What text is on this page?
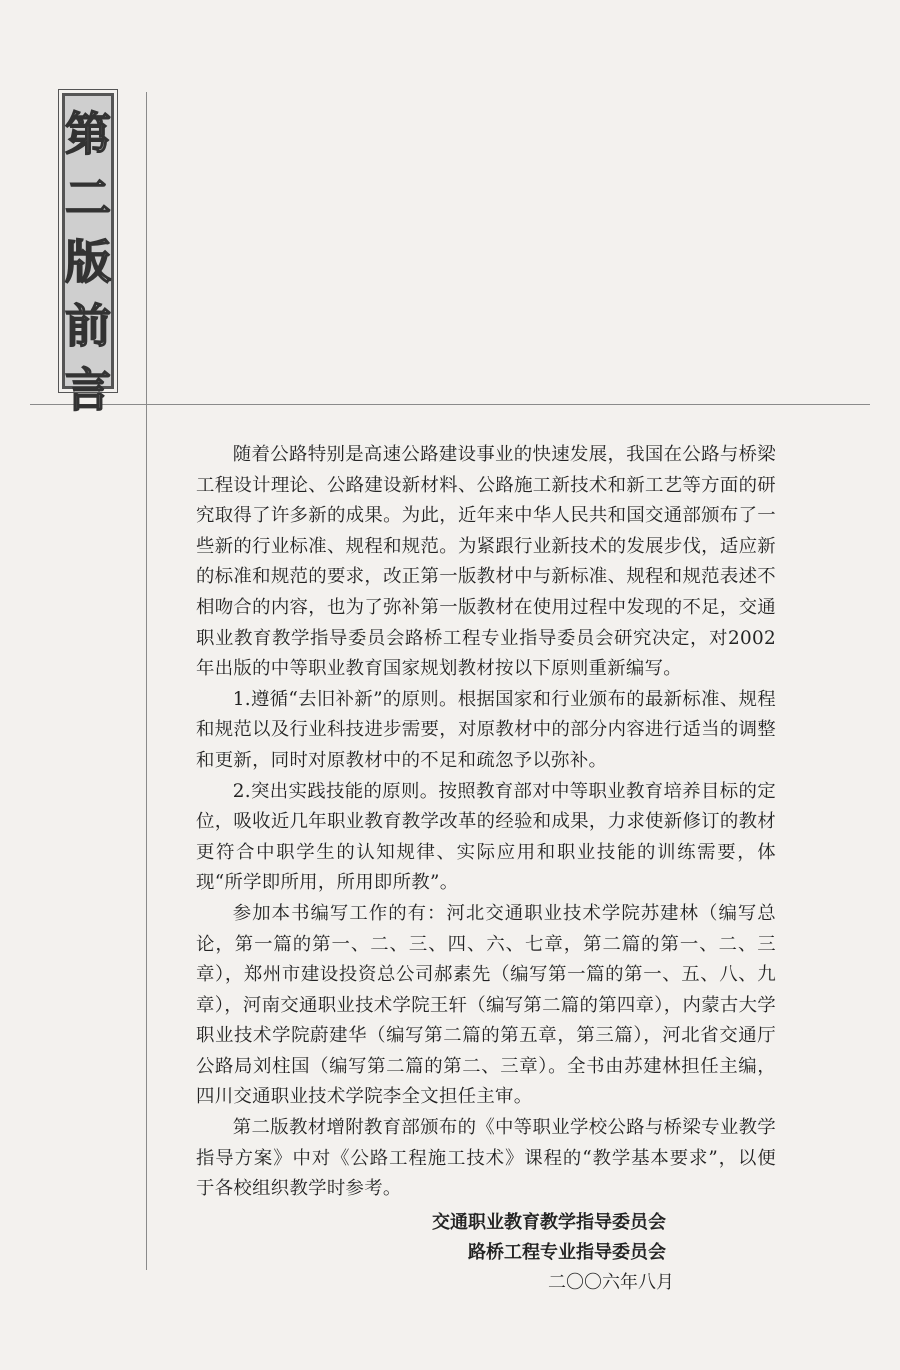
第
二
版
前
言

随着公路特别是高速公路建设事业的快速发展，我国在公路与桥梁工程设计理论、公路建设新材料、公路施工新技术和新工艺等方面的研究取得了许多新的成果。为此，近年来中华人民共和国交通部颁布了一些新的行业标准、规程和规范。为紧跟行业新技术的发展步伐，适应新的标准和规范的要求，改正第一版教材中与新标准、规程和规范表述不相吻合的内容，也为了弥补第一版教材在使用过程中发现的不足，交通职业教育教学指导委员会路桥工程专业指导委员会研究决定，对2002年出版的中等职业教育国家规划教材按以下原则重新编写。

1.遵循“去旧补新”的原则。根据国家和行业颁布的最新标准、规程和规范以及行业科技进步需要，对原教材中的部分内容进行适当的调整和更新，同时对原教材中的不足和疏忽予以弥补。

2.突出实践技能的原则。按照教育部对中等职业教育培养目标的定位，吸收近几年职业教育教学改革的经验和成果，力求使新修订的教材更符合中职学生的认知规律、实际应用和职业技能的训练需要，体现“所学即所用，所用即所教”。

参加本书编写工作的有：河北交通职业技术学院苏建林（编写总论，第一篇的第一、二、三、四、六、七章，第二篇的第一、二、三章），郑州市建设投资总公司郝素先（编写第一篇的第一、五、八、九章），河南交通职业技术学院王轩（编写第二篇的第四章），内蒙古大学职业技术学院蔚建华（编写第二篇的第五章，第三篇），河北省交通厅公路局刘柱国（编写第二篇的第二、三章）。全书由苏建林担任主编，四川交通职业技术学院李全文担任主审。

第二版教材增附教育部颁布的《中等职业学校公路与桥梁专业教学指导方案》中对《公路工程施工技术》课程的“教学基本要求”，以便于各校组织教学时参考。

交通职业教育教学指导委员会
路桥工程专业指导委员会
二〇〇六年八月
